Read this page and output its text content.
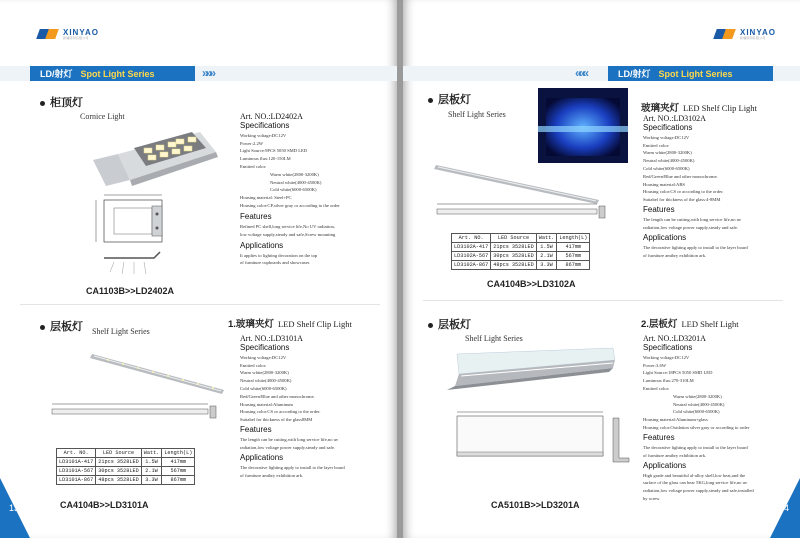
XINYAO
新耀照明有限公司
LD/射灯 Spot Light Series	»»»
柜顶灯
Cornice Light	Art. NO.:LD2402A
Specifications
Working voltage:DC12V
Power:2.2W
Light Source:9PCS 5050 SMD LED
Luminous flux:120-150LM
Emitted color:
Warm white(2800-3200K)
Neutral white(4000-4500K)
Cold white(6000-6500K)
Housing material: Steel+PC
Housing color:CP,silver gray or according to the order
Features
Refined PC shell,long service life,No UV radiation,
low voltage supply,steady and safe,Screw mounting
Applications
It applies to lighting decoration on the top
of furniture cupboards and showcases
CA1103B>>LD2402A
层板灯 Shelf Light Series
1.玻璃夹灯 LED Shelf Clip Light
Art. NO.	LED Source	Watt.	Length(L)
LD3101A-417	21pcs 3528LED	1.5W	417mm
LD3101A-567	30pcs 3528LED	2.1W	567mm
LD3101A-867	48pcs 3528LED	3.3W	867mm
Art. NO.:LD3101A
Specifications
Working voltage:DC12V
Emitted color:
Warm white(2800-3200K)
Neutral white(4000-4500K)
Cold white(6000-6500K)
Red/Green/Blue and other monochrome.
Housing material:Aluminum
Housing color:CS or according to the order.
Suitabel for thickness of the glass8MM
Features
The length can be cutting,with long service life,no uv
radiation,low voltage power supply,steady and safe.
Applications
The decorative lighting apply to install to the layer board
of furniture amibry exhibition ark.
CA4104B>>LD3101A
13
XINYAO
新耀照明有限公司
«««	LD/射灯 Spot Light Series
层板灯
Shelf Light Series
Art. NO.	LED Source	Watt.	Length(L)
LD3102A-417	21pcs 3528LED	1.5W	417mm
LD3102A-567	30pcs 3528LED	2.1W	567mm
LD3102A-867	48pcs 3528LED	3.3W	867mm
玻璃夹灯 LED Shelf Clip Light
Art. NO.:LD3102A
Specifications
Working voltage:DC12V
Emitted color:
Warm white(2800-3200K)
Neutral white(4000-4500K)
Cold white(6000-6500K)
Red/Green/Blue and other monochrome.
Housing material:ABS
Housing color:CS or according to the order.
Suitabel for thickness of the glass:4-8MM
Features
The length can be cutting,with long service life,no uv
radiation,low voltage power supply,steady and safe.
Applications
The decorative lighting apply to install to the layer board
of furniture amibry exhibition ark.
CA4104B>>LD3102A
层板灯
Shelf Light Series
2.层板灯 LED Shelf Light
Art. NO.:LD3201A
Specifications
Working voltage:DC12V
Power:3.6W
Light Source:18PCS 5050 SMD LED
Luminous flux:270-310LM
Emitted color:
Warm white(2800-3200K)
Neutral white(4000-4500K)
Cold white(6000-6500K)
Housing material:Aluminum+glass
Housing color:Oxidation silver gray or according to order
Features
The decorative lighting apply to install to the layer board
of furniture amibry exhibition ark.
Applications
High grade and beautiful al-alloy shell,low heat,and the
surface of the glass can bear 5KG,long service life,no uv
radiation,low voltage power supply,steady and safe,installed
by screw
CA5101B>>LD3201A	14
